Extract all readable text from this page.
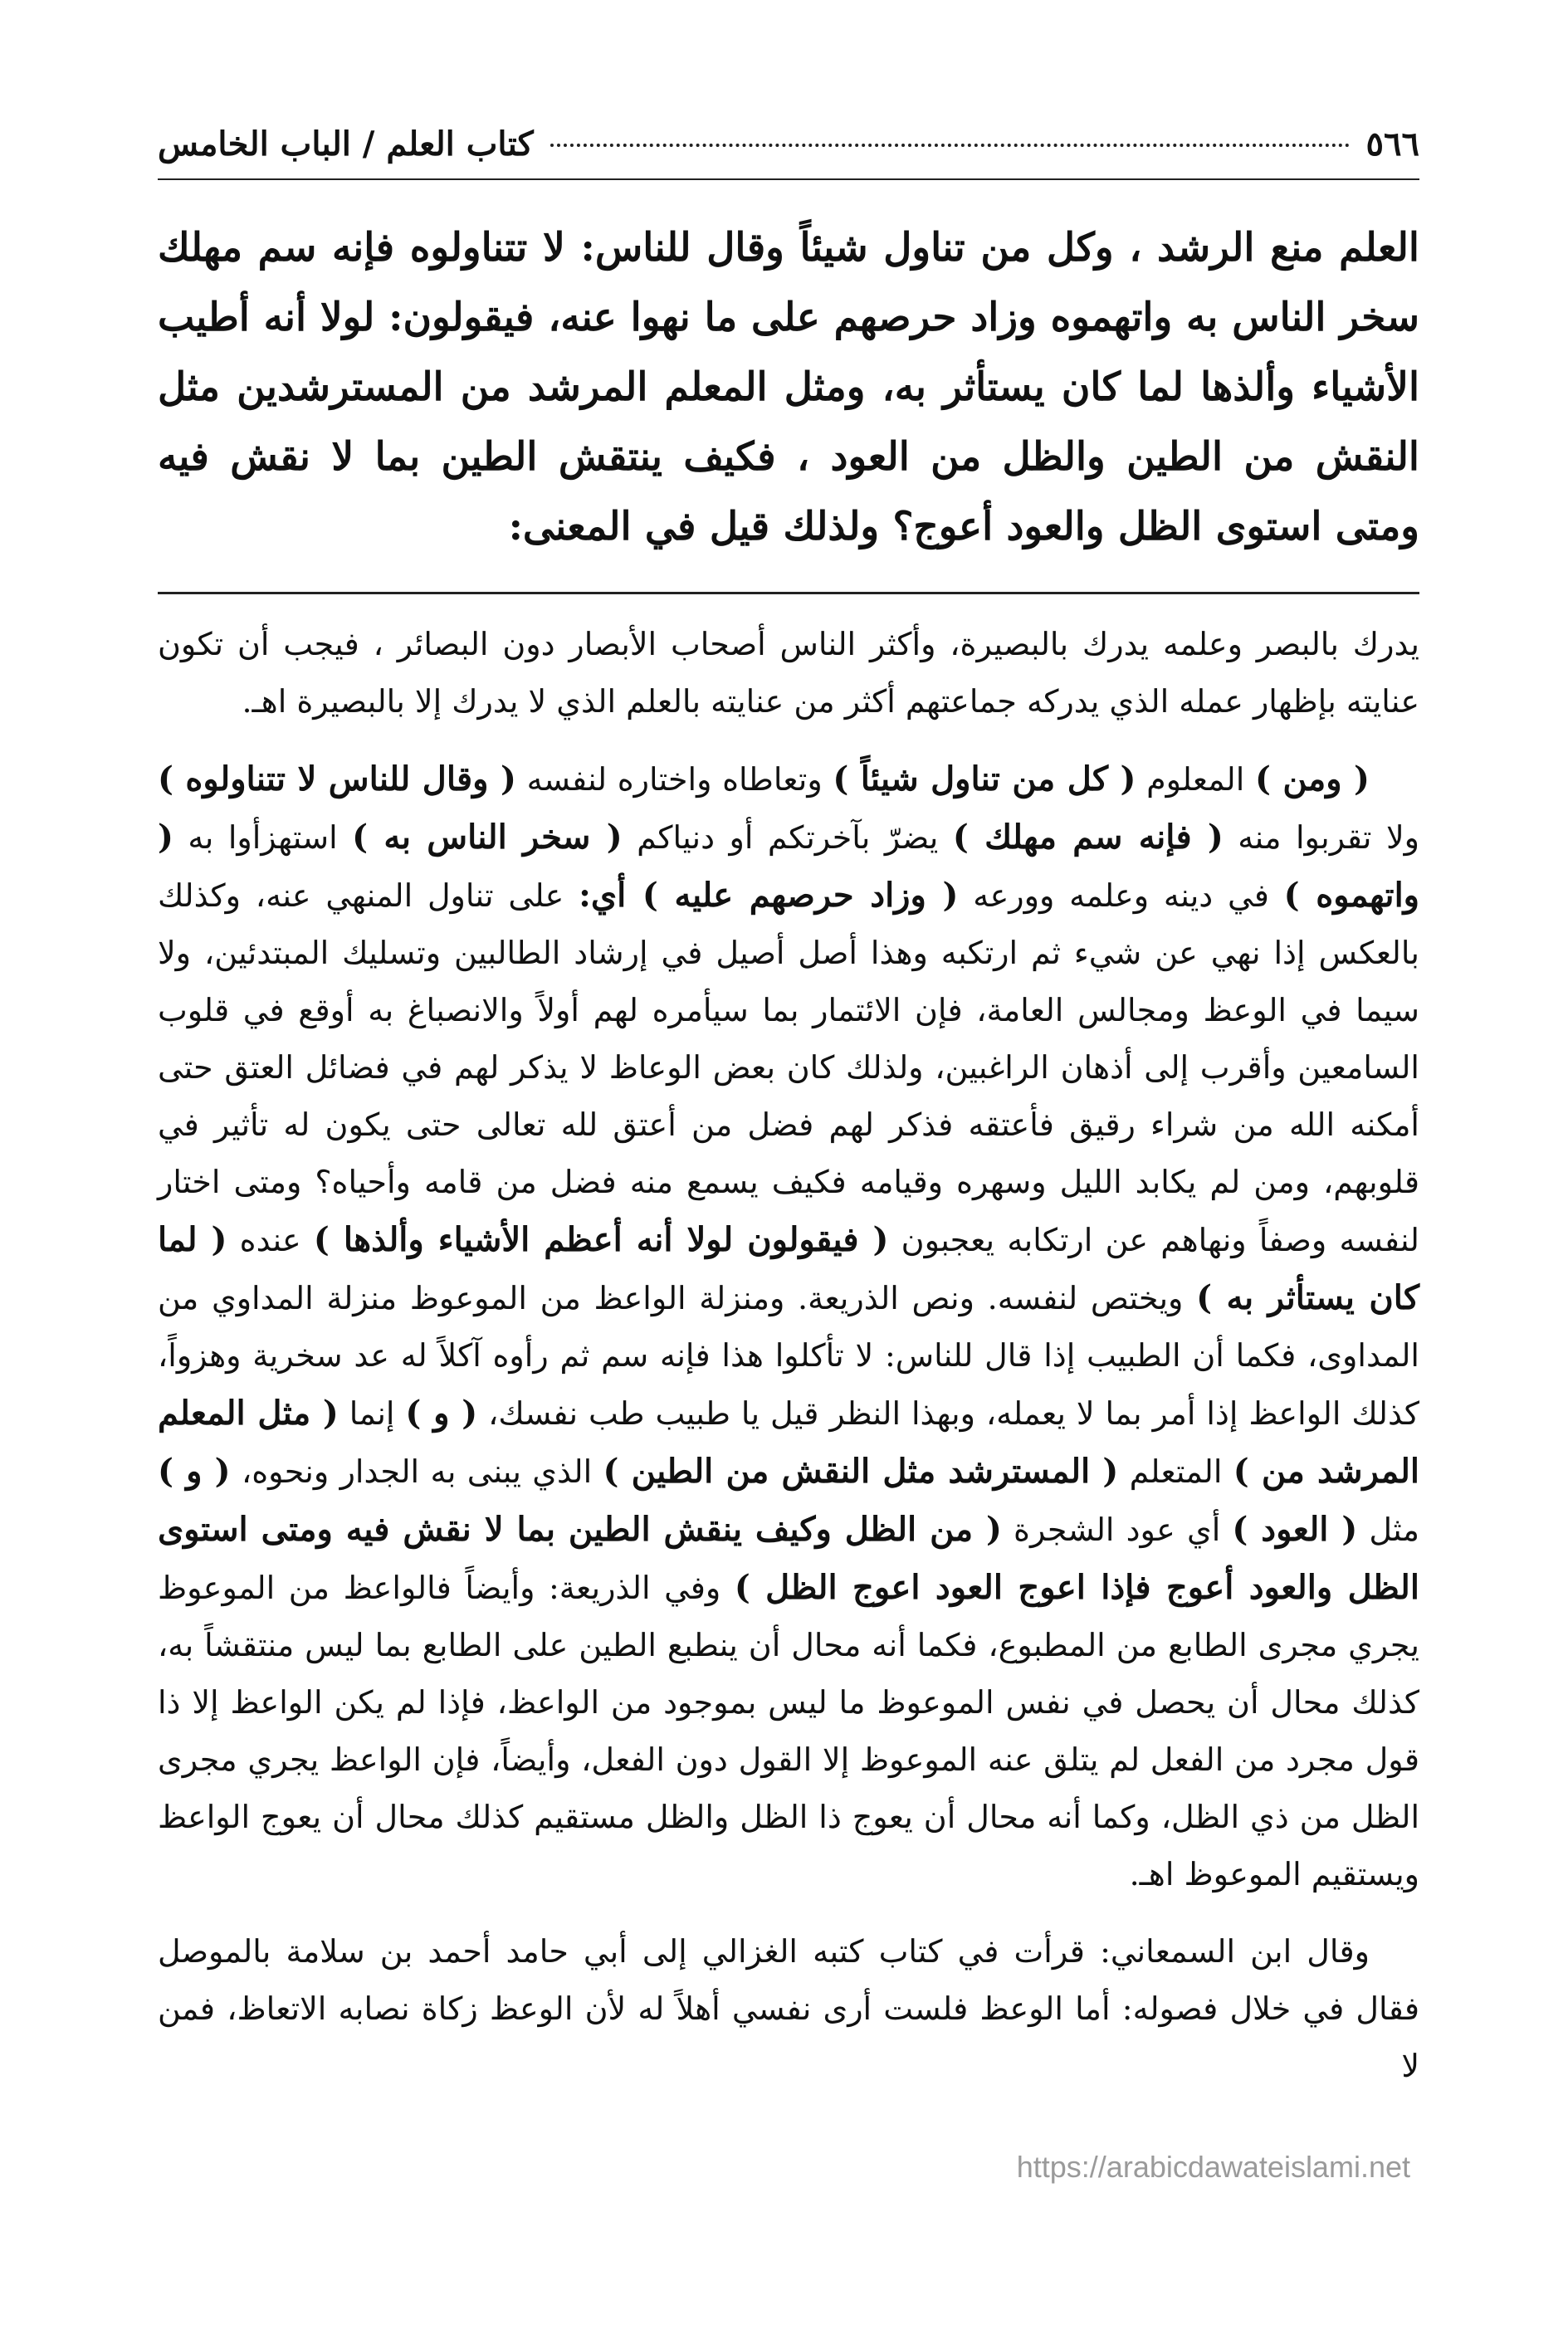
٥٦٦
كتاب العلم / الباب الخامس

العلم منع الرشد ، وكل من تناول شيئاً وقال للناس: لا تتناولوه فإنه سم مهلك سخر الناس به واتهموه وزاد حرصهم على ما نهوا عنه، فيقولون: لولا أنه أطيب الأشياء وألذها لما كان يستأثر به، ومثل المعلم المرشد من المسترشدين مثل النقش من الطين والظل من العود ، فكيف ينتقش الطين بما لا نقش فيه ومتى استوى الظل والعود أعوج؟ ولذلك قيل في المعنى:

يدرك بالبصر وعلمه يدرك بالبصيرة، وأكثر الناس أصحاب الأبصار دون البصائر ، فيجب أن تكون عنايته بإظهار عمله الذي يدركه جماعتهم أكثر من عنايته بالعلم الذي لا يدرك إلا بالبصيرة اهـ.

( ومن ) المعلوم ( كل من تناول شيئاً ) وتعاطاه واختاره لنفسه ( وقال للناس لا تتناولوه ) ولا تقربوا منه ( فإنه سم مهلك ) يضرّ بآخرتكم أو دنياكم ( سخر الناس به ) استهزأوا به ( واتهموه ) في دينه وعلمه وورعه ( وزاد حرصهم عليه ) أي: على تناول المنهي عنه، وكذلك بالعكس إذا نهي عن شيء ثم ارتكبه وهذا أصل أصيل في إرشاد الطالبين وتسليك المبتدئين، ولا سيما في الوعظ ومجالس العامة، فإن الائتمار بما سيأمره لهم أولاً والانصباغ به أوقع في قلوب السامعين وأقرب إلى أذهان الراغبين، ولذلك كان بعض الوعاظ لا يذكر لهم في فضائل العتق حتى أمكنه الله من شراء رقيق فأعتقه فذكر لهم فضل من أعتق لله تعالى حتى يكون له تأثير في قلوبهم، ومن لم يكابد الليل وسهره وقيامه فكيف يسمع منه فضل من قامه وأحياه؟ ومتى اختار لنفسه وصفاً ونهاهم عن ارتكابه يعجبون ( فيقولون لولا أنه أعظم الأشياء وألذها ) عنده ( لما كان يستأثر به ) ويختص لنفسه. ونص الذريعة. ومنزلة الواعظ من الموعوظ منزلة المداوي من المداوى، فكما أن الطبيب إذا قال للناس: لا تأكلوا هذا فإنه سم ثم رأوه آكلاً له عد سخرية وهزواً، كذلك الواعظ إذا أمر بما لا يعمله، وبهذا النظر قيل يا طبيب طب نفسك، ( و ) إنما ( مثل المعلم المرشد من ) المتعلم ( المسترشد مثل النقش من الطين ) الذي يبنى به الجدار ونحوه، ( و ) مثل ( العود ) أي عود الشجرة ( من الظل وكيف ينقش الطين بما لا نقش فيه ومتى استوى الظل والعود أعوج فإذا اعوج العود اعوج الظل ) وفي الذريعة: وأيضاً فالواعظ من الموعوظ يجري مجرى الطابع من المطبوع، فكما أنه محال أن ينطبع الطين على الطابع بما ليس منتقشاً به، كذلك محال أن يحصل في نفس الموعوظ ما ليس بموجود من الواعظ، فإذا لم يكن الواعظ إلا ذا قول مجرد من الفعل لم يتلق عنه الموعوظ إلا القول دون الفعل، وأيضاً، فإن الواعظ يجري مجرى الظل من ذي الظل، وكما أنه محال أن يعوج ذا الظل والظل مستقيم كذلك محال أن يعوج الواعظ ويستقيم الموعوظ اهـ.

وقال ابن السمعاني: قرأت في كتاب كتبه الغزالي إلى أبي حامد أحمد بن سلامة بالموصل فقال في خلال فصوله: أما الوعظ فلست أرى نفسي أهلاً له لأن الوعظ زكاة نصابه الاتعاظ، فمن لا

https://arabicdawateislami.net
